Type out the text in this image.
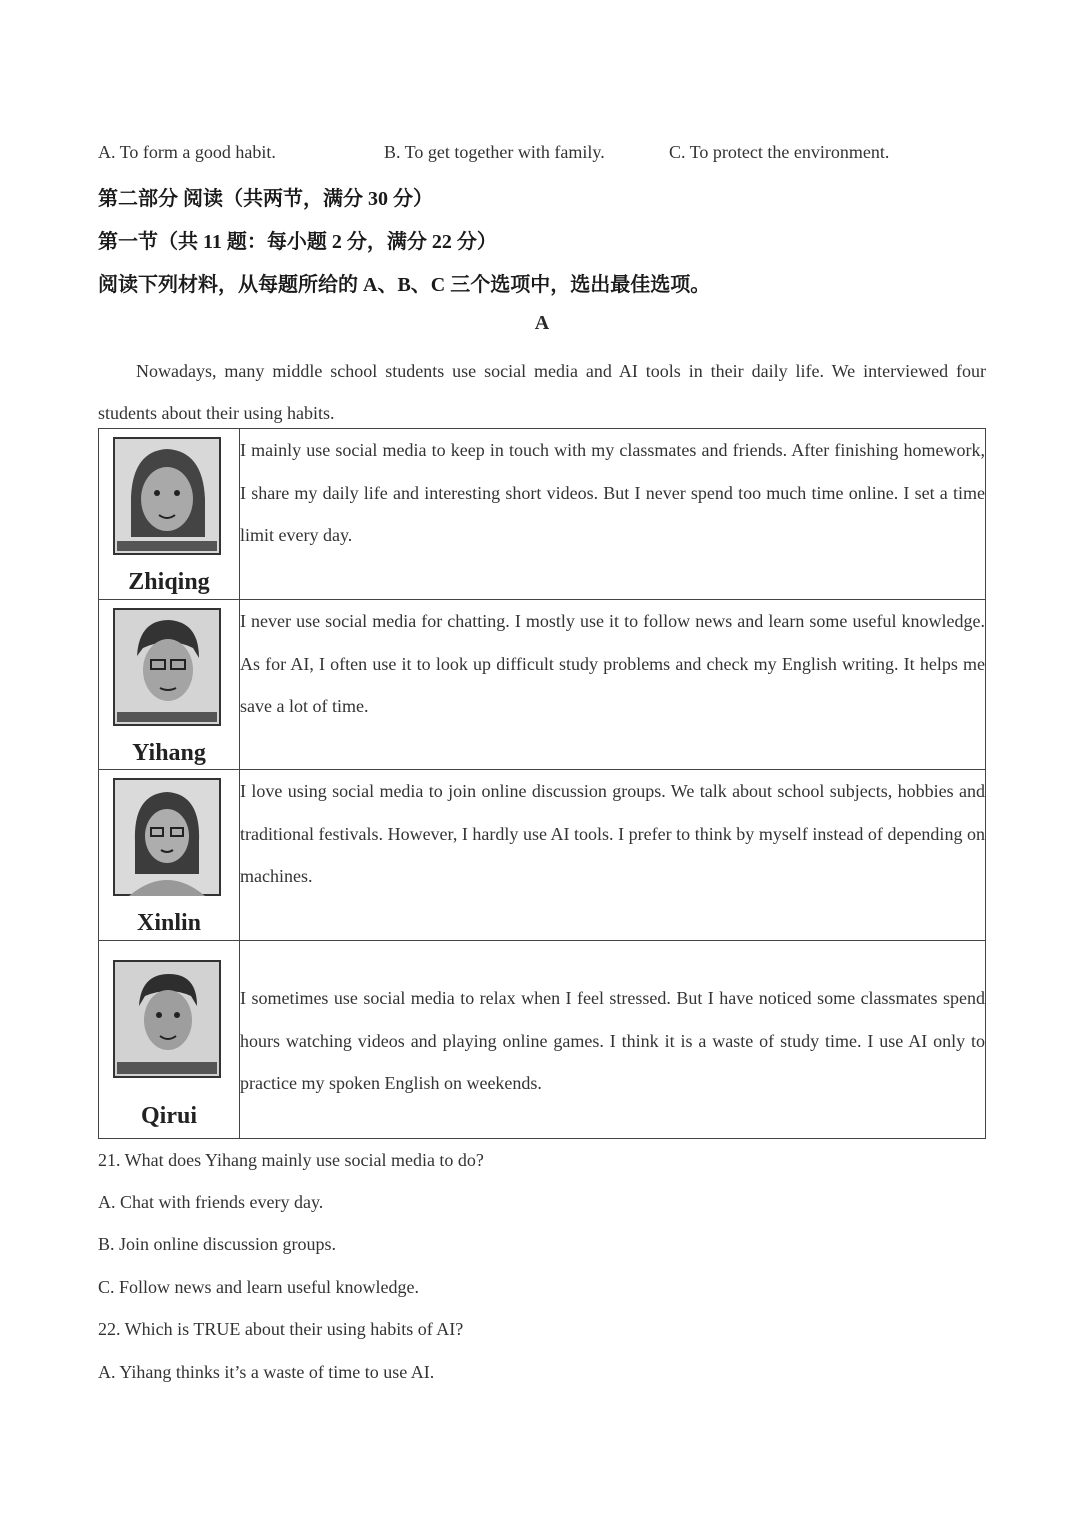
A. To form a good habit.	B. To get together with family.	C. To protect the environment.
第二部分 阅读（共两节，满分 30 分）
第一节（共 11 题：每小题 2 分，满分 22 分）
阅读下列材料，从每题所给的 A、B、C 三个选项中，选出最佳选项。
A
Nowadays, many middle school students use social media and AI tools in their daily life. We interviewed four students about their using habits.
Zhiqing	I mainly use social media to keep in touch with my classmates and friends. After finishing homework, I share my daily life and interesting short videos. But I never spend too much time online. I set a time limit every day.

Yihang	I never use social media for chatting. I mostly use it to follow news and learn some useful knowledge. As for AI, I often use it to look up difficult study problems and check my English writing. It helps me save a lot of time.

Xinlin	I love using social media to join online discussion groups. We talk about school subjects, hobbies and traditional festivals. However, I hardly use AI tools. I prefer to think by myself instead of depending on machines.

Qirui	I sometimes use social media to relax when I feel stressed. But I have noticed some classmates spend hours watching videos and playing online games. I think it is a waste of study time. I use AI only to practice my spoken English on weekends.
21. What does Yihang mainly use social media to do?
A. Chat with friends every day.
B. Join online discussion groups.
C. Follow news and learn useful knowledge.
22. Which is TRUE about their using habits of AI?
A. Yihang thinks it’s a waste of time to use AI.
